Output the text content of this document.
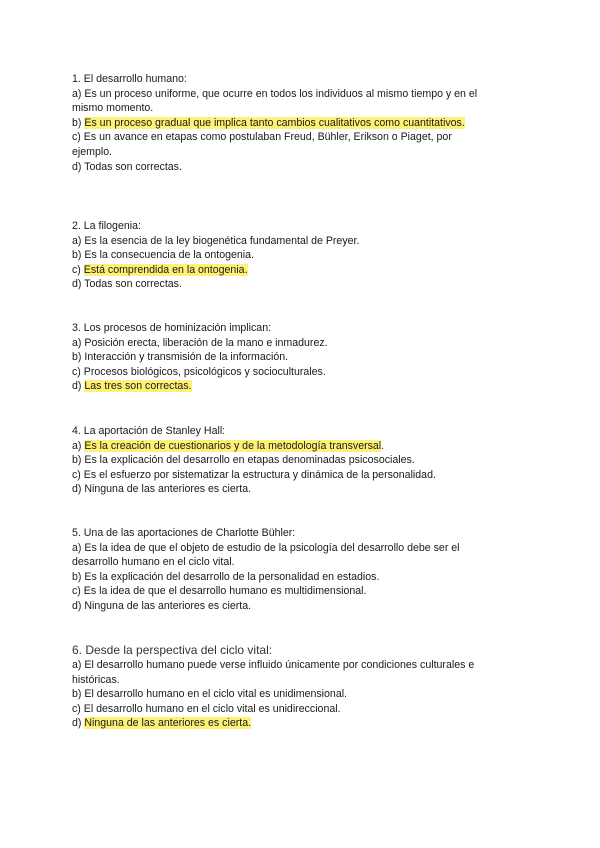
1. El desarrollo humano:

a) Es un proceso uniforme, que ocurre en todos los individuos al mismo tiempo y en el mismo momento.

b) Es un proceso gradual que implica tanto cambios cualitativos como cuantitativos.

c) Es un avance en etapas como postulaban Freud, Bühler, Erikson o Piaget, por ejemplo.

d) Todas son correctas.

2. La filogenia:

a) Es la esencia de la ley biogenética fundamental de Preyer.

b) Es la consecuencia de la ontogenia.

c) Está comprendida en la ontogenia.

d) Todas son correctas.

3. Los procesos de hominización implican:

a) Posición erecta, liberación de la mano e inmadurez.

b) Interacción y transmisión de la información.

c) Procesos biológicos, psicológicos y socioculturales.

d) Las tres son correctas.

4. La aportación de Stanley Hall:

a) Es la creación de cuestionarios y de la metodología transversal.

b) Es la explicación del desarrollo en etapas denominadas psicosociales.

c) Es el esfuerzo por sistematizar la estructura y dinámica de la personalidad.

d) Ninguna de las anteriores es cierta.

5. Una de las aportaciones de Charlotte Bühler:

a) Es la idea de que el objeto de estudio de la psicología del desarrollo debe ser el desarrollo humano en el ciclo vital.

b) Es la explicación del desarrollo de la personalidad en estadios.

c) Es la idea de que el desarrollo humano es multidimensional.

d) Ninguna de las anteriores es cierta.

6. Desde la perspectiva del ciclo vital:

a) El desarrollo humano puede verse influido únicamente por condiciones culturales e históricas.

b) El desarrollo humano en el ciclo vital es unidimensional.

c) El desarrollo humano en el ciclo vital es unidireccional.

d) Ninguna de las anteriores es cierta.
